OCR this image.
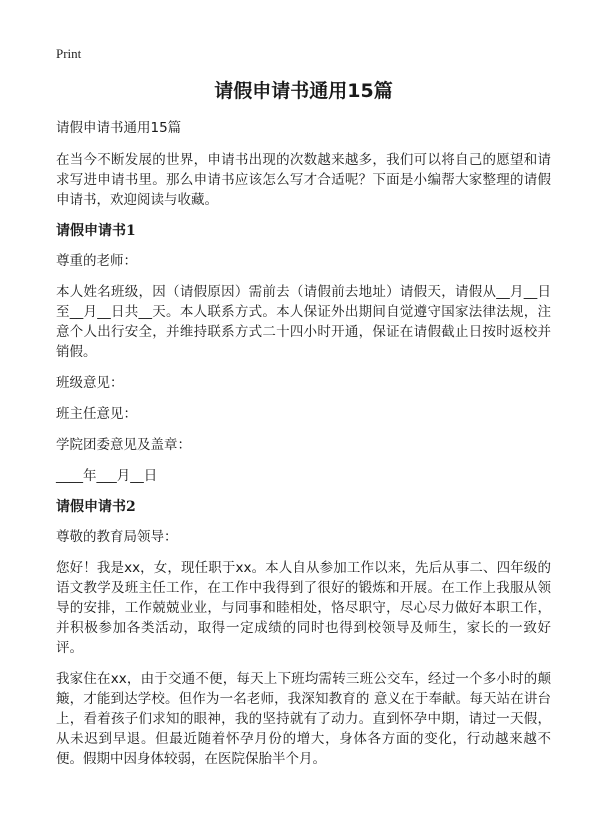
Print
请假申请书通用15篇
请假申请书通用15篇

在当今不断发展的世界，申请书出现的次数越来越多，我们可以将自己的愿望和请求写进申请书里。那么申请书应该怎么写才合适呢？下面是小编帮大家整理的请假申请书，欢迎阅读与收藏。

请假申请书1

尊重的老师：

本人姓名班级，因（请假原因）需前去（请假前去地址）请假天，请假从__月__日至__月__日共__天。本人联系方式。本人保证外出期间自觉遵守国家法律法规，注意个人出行安全，并维持联系方式二十四小时开通，保证在请假截止日按时返校并销假。

班级意见：

班主任意见：

学院团委意见及盖章：

____年___月__日

请假申请书2

尊敬的教育局领导：

您好！我是xx，女，现任职于xx。本人自从参加工作以来，先后从事二、四年级的语文教学及班主任工作，在工作中我得到了很好的锻炼和开展。在工作上我服从领导的安排，工作兢兢业业，与同事和睦相处，恪尽职守，尽心尽力做好本职工作，并积极参加各类活动，取得一定成绩的同时也得到校领导及师生，家长的一致好评。

我家住在xx，由于交通不便，每天上下班均需转三班公交车，经过一个多小时的颠簸，才能到达学校。但作为一名老师，我深知教育的 意义在于奉献。每天站在讲台上，看着孩子们求知的眼神，我的坚持就有了动力。直到怀孕中期，请过一天假，从未迟到早退。但最近随着怀孕月份的增大，身体各方面的变化，行动越来越不便。假期中因身体较弱，在医院保胎半个月。
